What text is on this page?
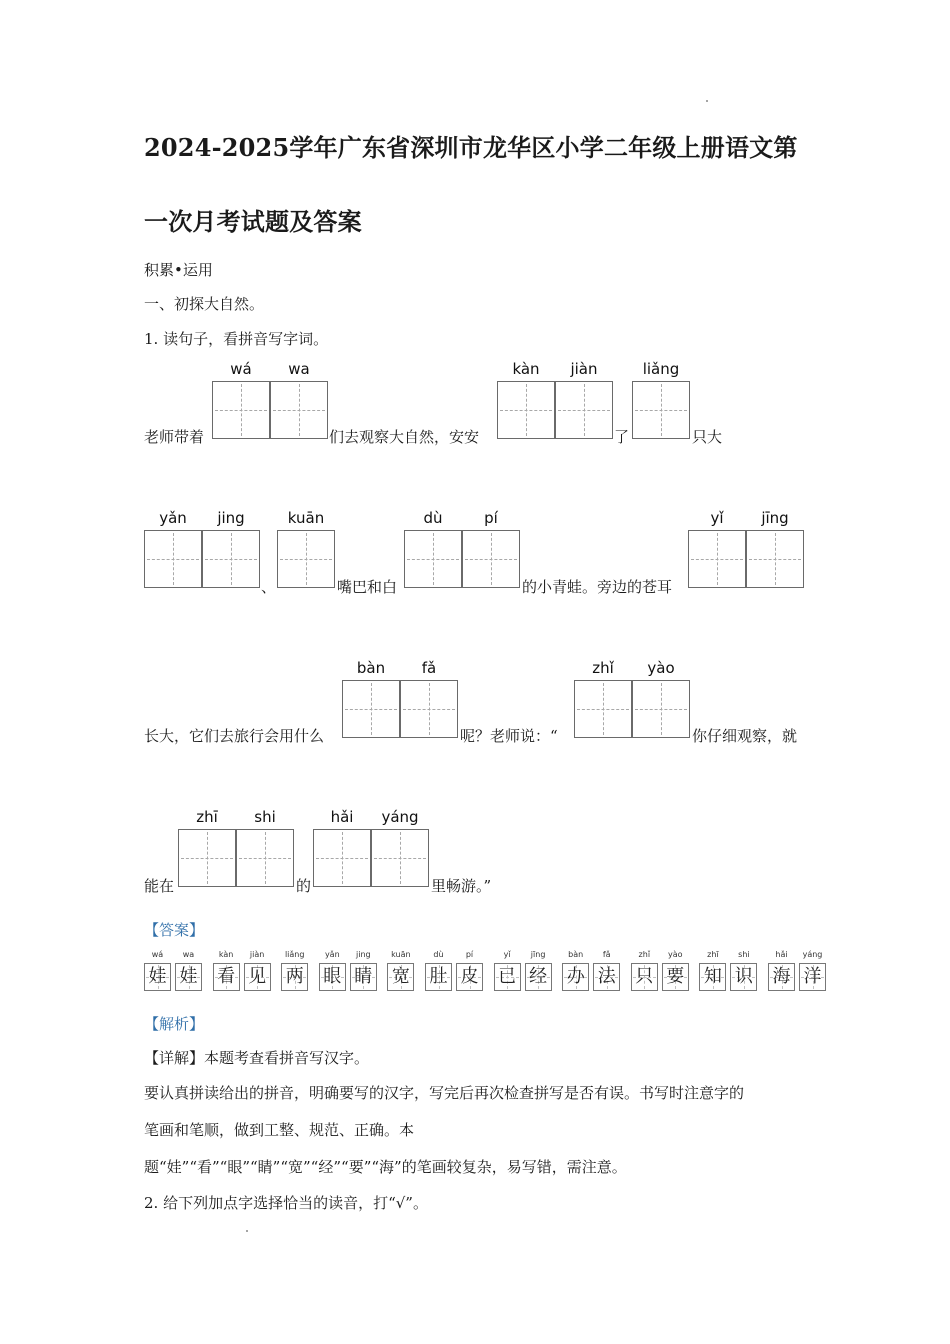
2024-2025学年广东省深圳市龙华区小学二年级上册语文第
一次月考试题及答案
积累•运用
一、初探大自然。
1. 读句子，看拼音写字词。
老师带着
wá	wa
们去观察大自然，安安
kàn	jiàn
了
liǎng
只大
yǎn	jing
、
kuān
嘴巴和白
dù	pí
的小青蛙。旁边的苍耳
yǐ	jīng
长大，它们去旅行会用什么
bàn	fǎ
呢？老师说：“
zhǐ	yào
你仔细观察，就
能在
zhī	shi
的
hǎi	yáng
里畅游。”
【答案】
wá
娃
wa
娃
kàn
看
jiàn
见
liǎng
两
yǎn
眼
jing
睛
kuān
宽
dù
肚
pí
皮
yǐ
已
jīng
经
bàn
办
fǎ
法
zhǐ
只
yào
要
zhī
知
shi
识
hǎi
海
yáng
洋
【解析】
【详解】本题考查看拼音写汉字。
要认真拼读给出的拼音，明确要写的汉字，写完后再次检查拼写是否有误。书写时注意字的
笔画和笔顺，做到工整、规范、正确。本
题“娃”“看”“眼”“睛”“宽”“经”“要”“海”的笔画较复杂，易写错，需注意。
2. 给下列加点字选择恰当的读音，打“√”。
